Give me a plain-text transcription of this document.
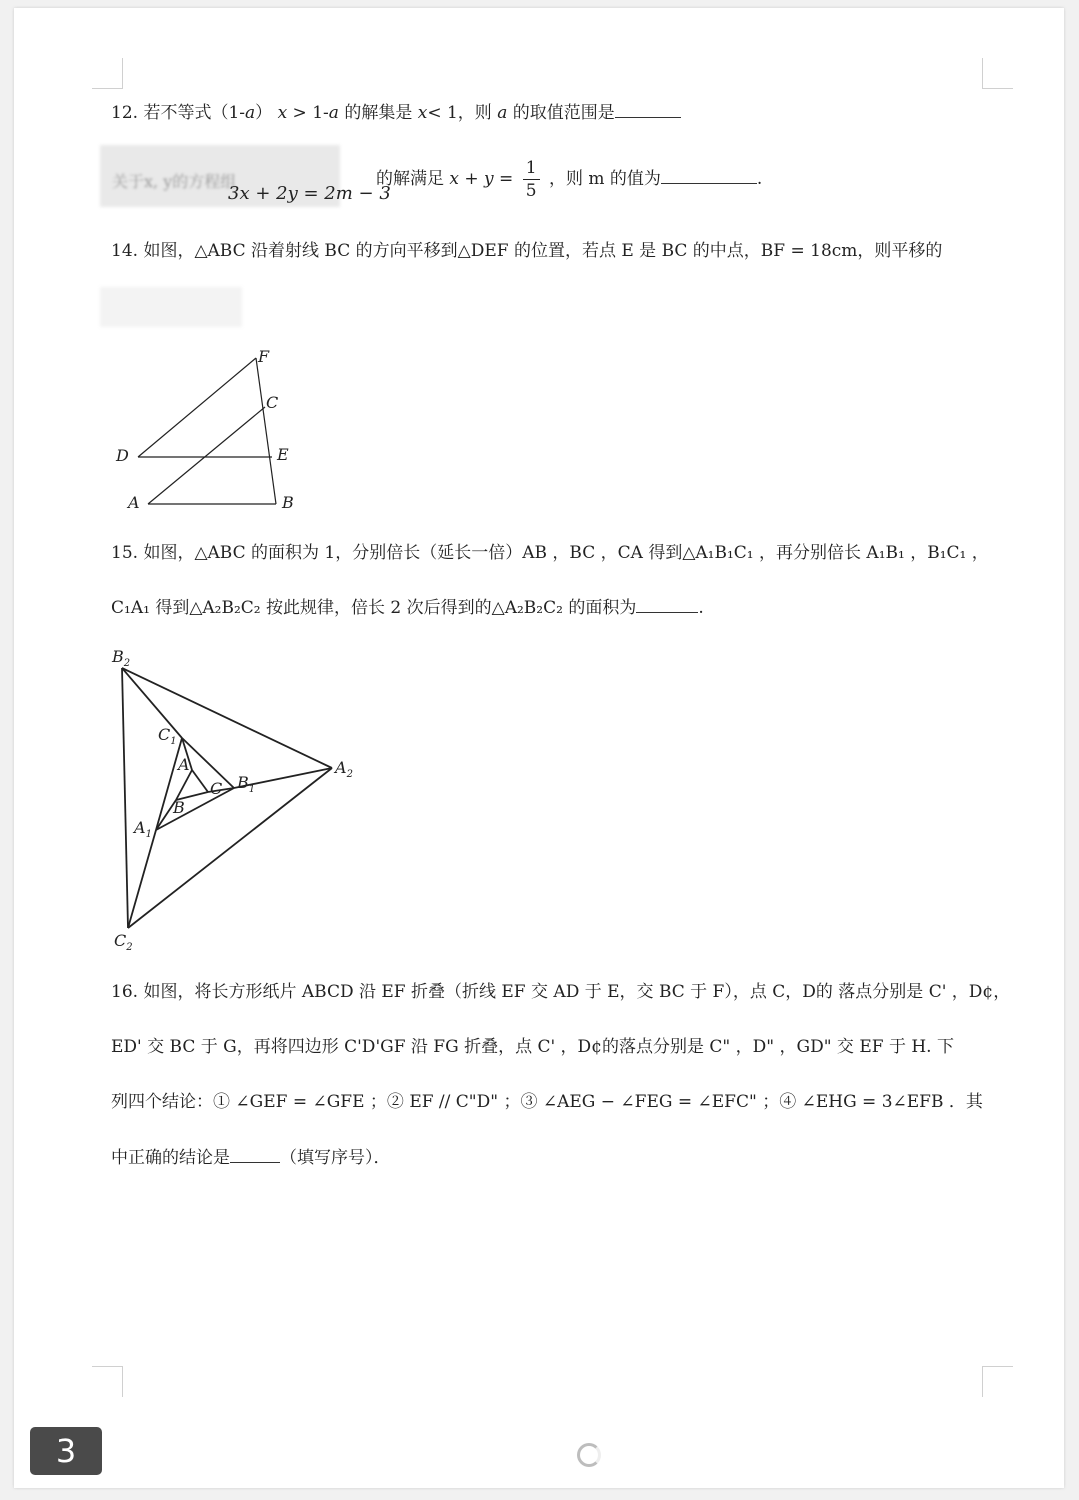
12. 若不等式（1-a） x > 1-a 的解集是 x< 1，则 a 的取值范围是
关于x, y的方程组
3x + 2y = 2m − 3
的解满足 $x + y = \frac{1}{5}$ ，则 m 的值为	.
14. 如图，△ABC 沿着射线 BC 的方向平移到△DEF 的位置，若点 E 是 BC 的中点，BF = 18cm，则平移的
F
C
D	E
A	B
15. 如图，△ABC 的面积为 1，分别倍长（延长一倍）AB ，BC ，CA 得到△A₁B₁C₁ ，再分别倍长 A₁B₁ ，B₁C₁ ，
C₁A₁ 得到△A₂B₂C₂ 按此规律，倍长 2 次后得到的△A₂B₂C₂ 的面积为	.
$B_2$
$C_1$
A
C $B_1$
$A_2$
B
$A_1$
$C_2$
16. 如图，将长方形纸片 ABCD 沿 EF 折叠（折线 EF 交 AD 于 E，交 BC 于 F），点 C，D的 落点分别是 C' ，D¢，
ED' 交 BC 于 G，再将四边形 C'D'GF 沿 FG 折叠，点 C' ，D¢的落点分别是 C" ，D" ，GD" 交 EF 于 H. 下
列四个结论：① ∠GEF = ∠GFE ；② EF // C"D" ；③ ∠AEG − ∠FEG = ∠EFC" ；④ ∠EHG = 3∠EFB ．其
中正确的结论是	（填写序号）．
3
